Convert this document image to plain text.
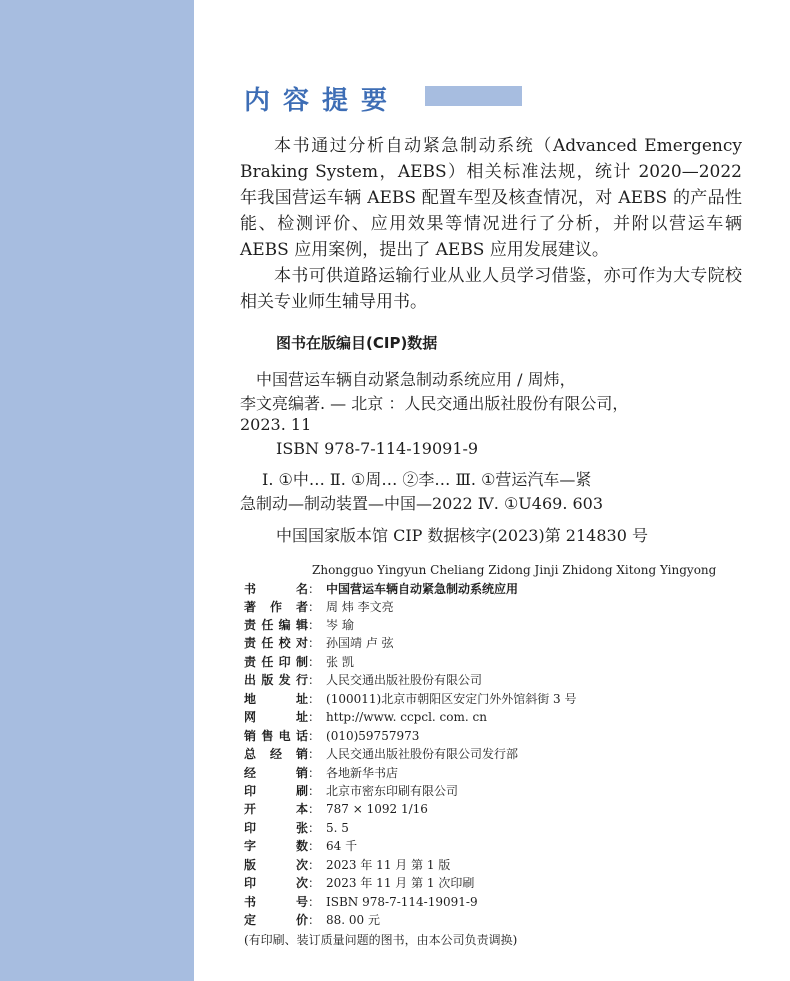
内容提要

本书通过分析自动紧急制动系统（Advanced Emergency Braking System，AEBS）相关标准法规，统计 2020—2022 年我国营运车辆 AEBS 配置车型及核查情况，对 AEBS 的产品性能、检测评价、应用效果等情况进行了分析，并附以营运车辆 AEBS 应用案例，提出了 AEBS 应用发展建议。

本书可供道路运输行业从业人员学习借鉴，亦可作为大专院校相关专业师生辅导用书。

图书在版编目(CIP)数据
中国营运车辆自动紧急制动系统应用 / 周炜，
李文亮编著. — 北京 ：人民交通出版社股份有限公司，
2023. 11
ISBN 978-7-114-19091-9
Ⅰ. ①中… Ⅱ. ①周… ②李… Ⅲ. ①营运汽车—紧
急制动—制动装置—中国—2022 Ⅳ. ①U469. 603
中国国家版本馆 CIP 数据核字(2023)第 214830 号
Zhongguo Yingyun Cheliang Zidong Jinji Zhidong Xitong Yingyong
书名： 中国营运车辆自动紧急制动系统应用
著作者： 周 炜 李文亮
责任编辑： 岑 瑜
责任校对： 孙国靖 卢 弦
责任印制： 张 凯
出版发行： 人民交通出版社股份有限公司
地址： (100011)北京市朝阳区安定门外外馆斜街 3 号
网址： http://www. ccpcl. com. cn
销售电话： (010)59757973
总经销： 人民交通出版社股份有限公司发行部
经销： 各地新华书店
印刷： 北京市密东印刷有限公司
开本： 787 × 1092 1/16
印张： 5. 5
字数： 64 千
版次： 2023 年 11 月 第 1 版
印次： 2023 年 11 月 第 1 次印刷
书号： ISBN 978-7-114-19091-9
定价： 88. 00 元
(有印刷、装订质量问题的图书，由本公司负责调换)
